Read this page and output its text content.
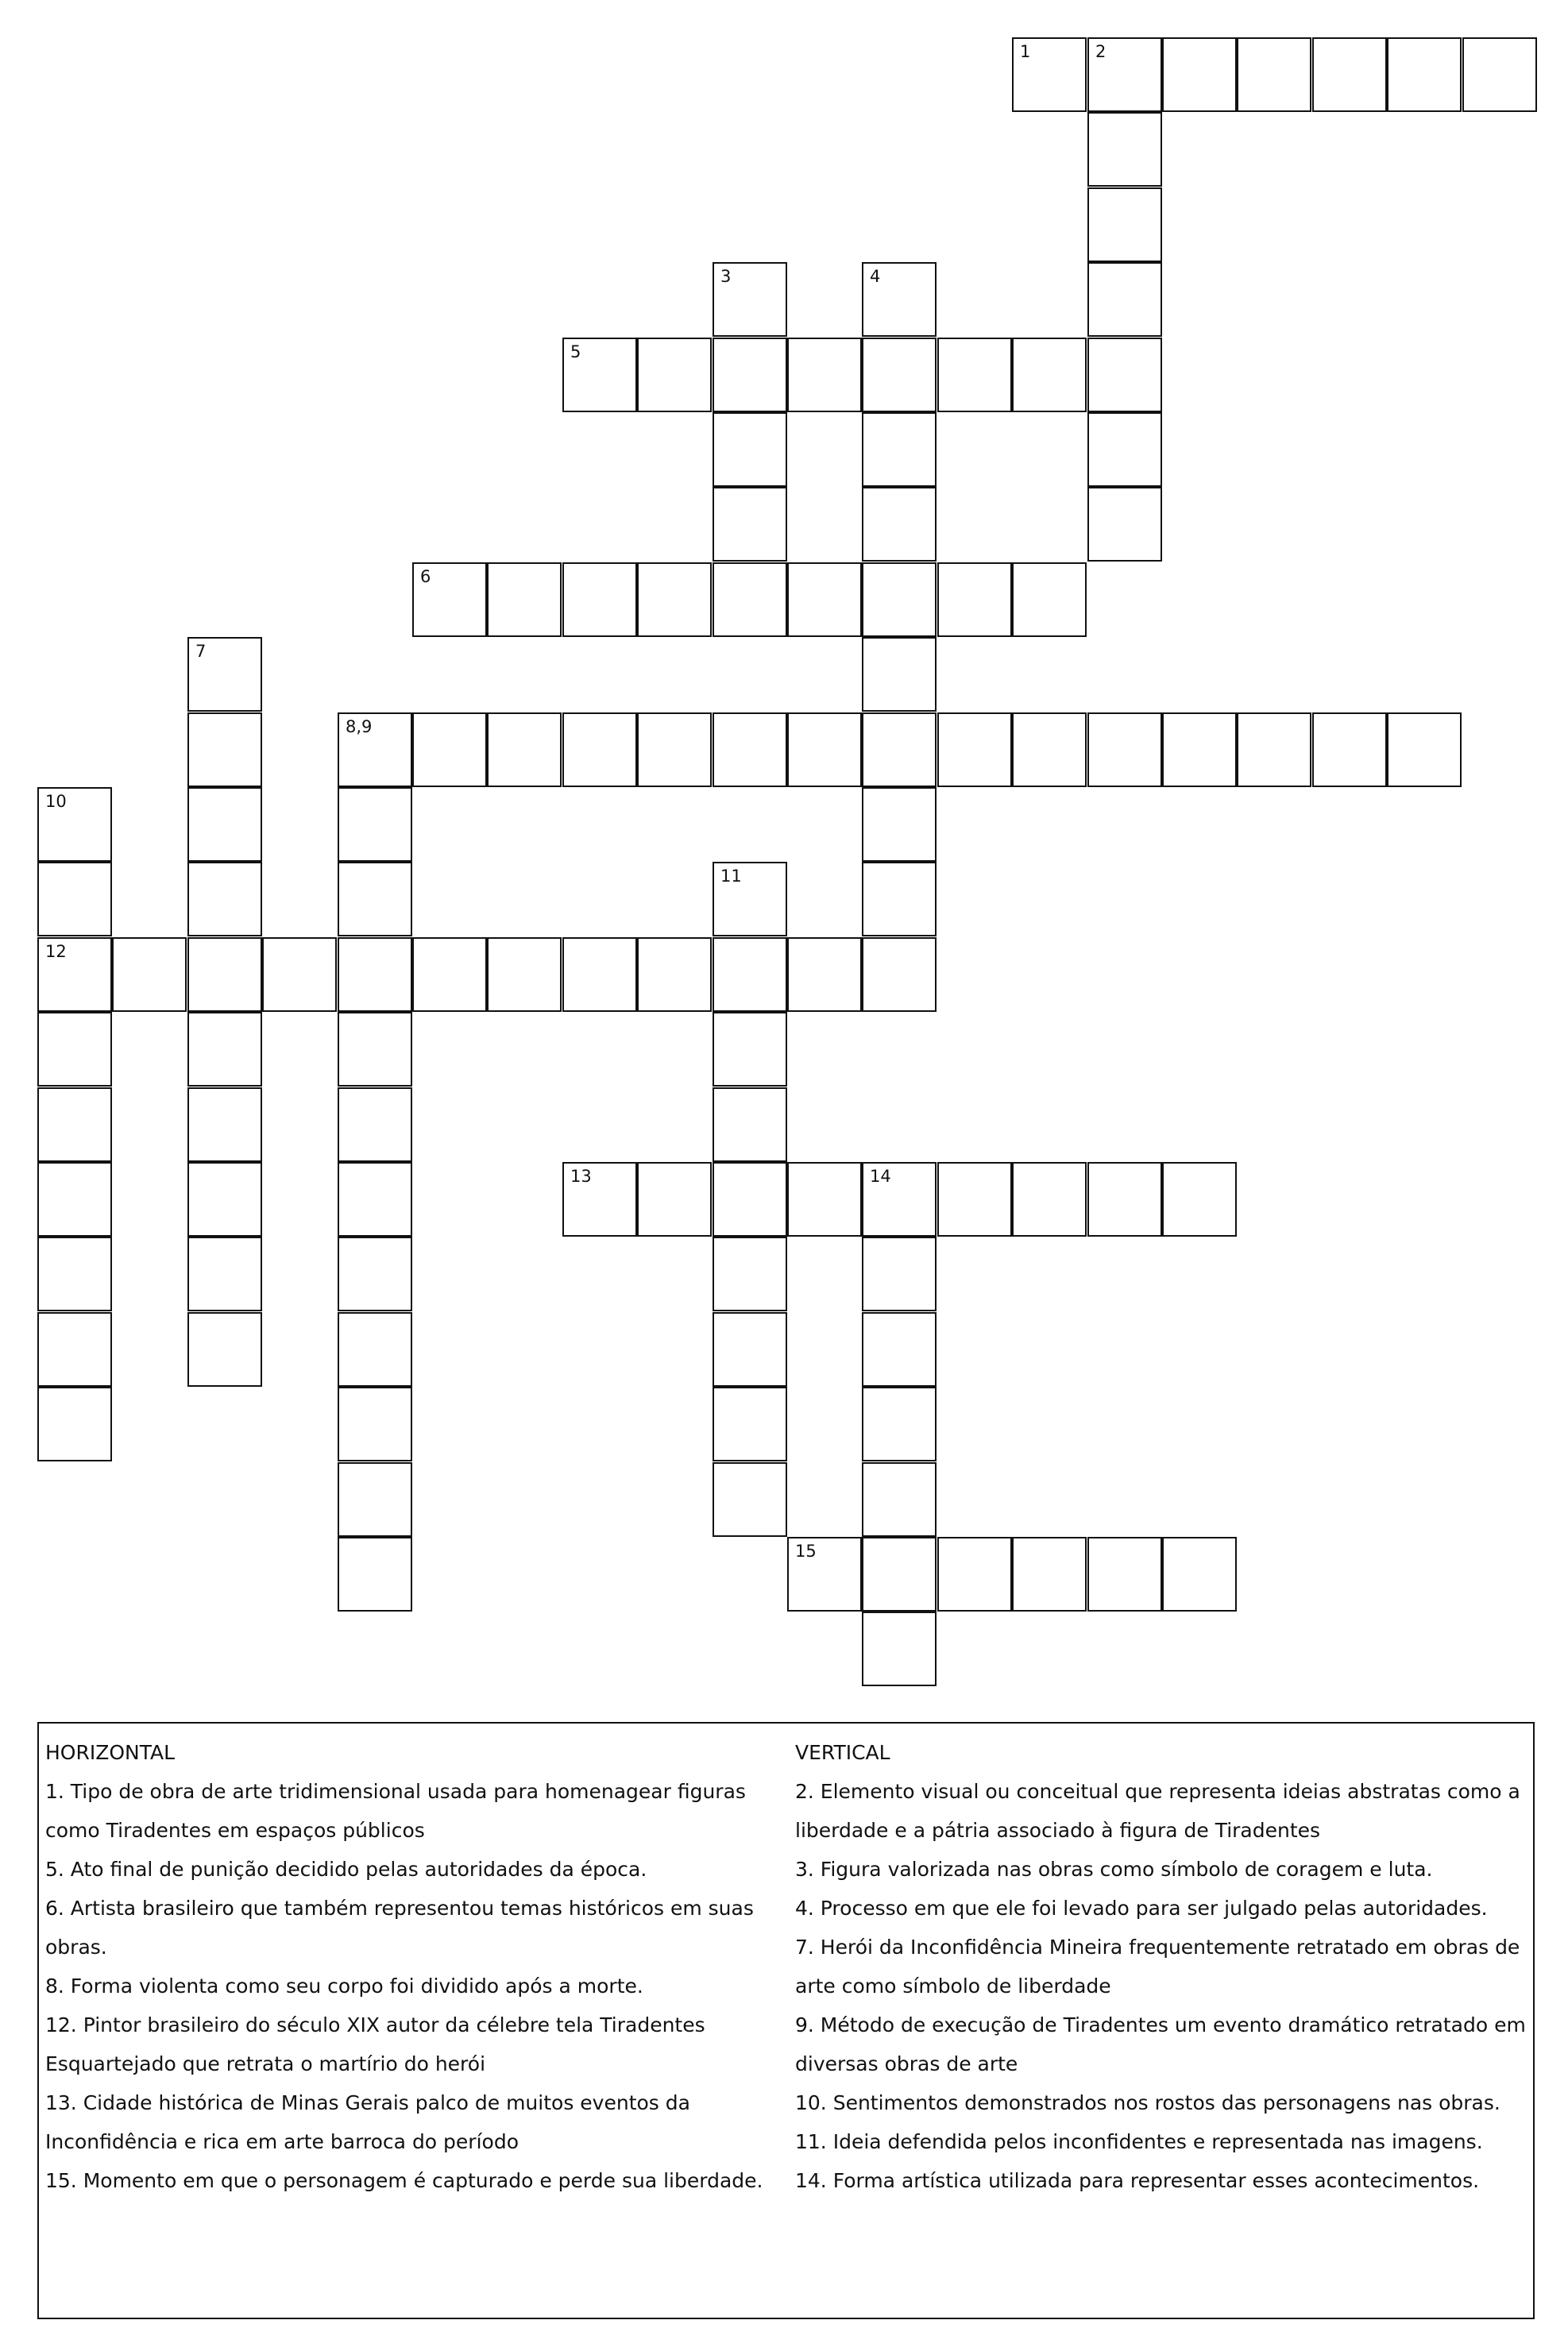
1	2
3	4
5
6
7
8,9
10
12
11
13	14
15

HORIZONTAL

1. Tipo de obra de arte tridimensional usada para homenagear figuras como Tiradentes em espaços públicos

5. Ato final de punição decidido pelas autoridades da época.

6. Artista brasileiro que também representou temas históricos em suas obras.

8. Forma violenta como seu corpo foi dividido após a morte.

12. Pintor brasileiro do século XIX autor da célebre tela Tiradentes Esquartejado que retrata o martírio do herói

13. Cidade histórica de Minas Gerais palco de muitos eventos da Inconfidência e rica em arte barroca do período

15. Momento em que o personagem é capturado e perde sua liberdade.

VERTICAL

2. Elemento visual ou conceitual que representa ideias abstratas como a liberdade e a pátria associado à figura de Tiradentes

3. Figura valorizada nas obras como símbolo de coragem e luta.

4. Processo em que ele foi levado para ser julgado pelas autoridades.

7. Herói da Inconfidência Mineira frequentemente retratado em obras de arte como símbolo de liberdade

9. Método de execução de Tiradentes um evento dramático retratado em diversas obras de arte

10. Sentimentos demonstrados nos rostos das personagens nas obras.

11. Ideia defendida pelos inconfidentes e representada nas imagens.

14. Forma artística utilizada para representar esses acontecimentos.
